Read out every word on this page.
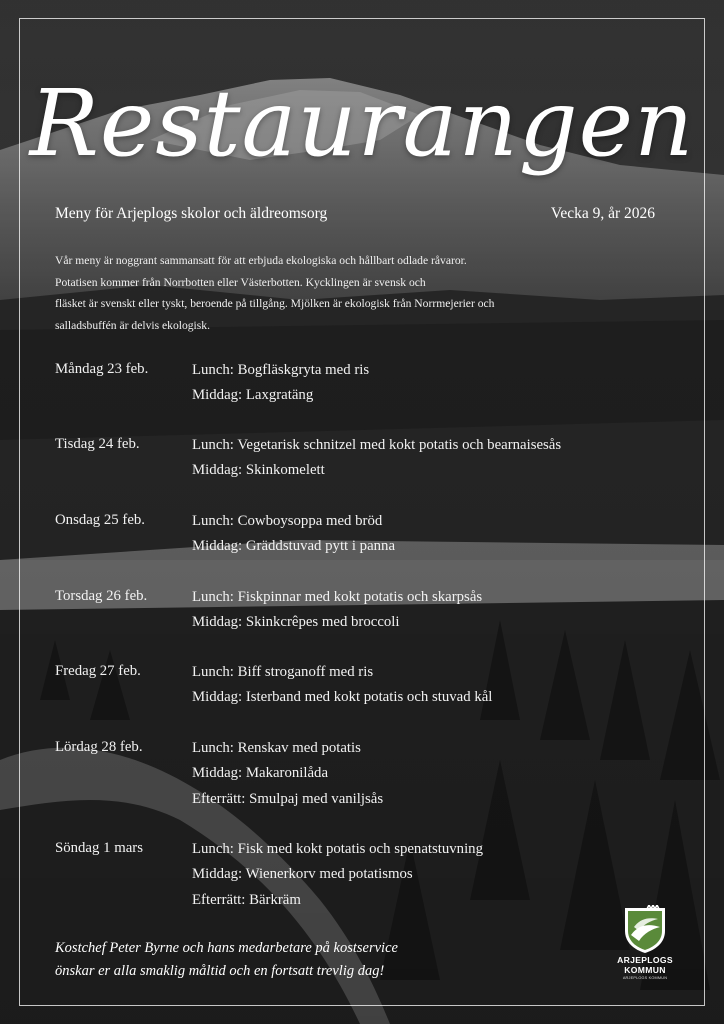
Restaurangen
Meny för Arjeplogs skolor och äldreomsorg	Vecka 9, år 2026
Vår meny är noggrant sammansatt för att erbjuda ekologiska och hållbart odlade råvaror.
Potatisen kommer från Norrbotten eller Västerbotten. Kycklingen är svensk och
fläsket är svenskt eller tyskt, beroende på tillgång. Mjölken är ekologisk från Norrmejerier och
salladsbuffén är delvis ekologisk.
Måndag 23 feb.	Lunch: Bogfläskgryta med ris
Middag: Laxgratäng
Tisdag 24 feb.	Lunch: Vegetarisk schnitzel med kokt potatis och bearnaisesås
Middag: Skinkomelett
Onsdag 25 feb.	Lunch: Cowboysoppa med bröd
Middag: Gräddstuvad pytt i panna
Torsdag 26 feb.	Lunch: Fiskpinnar med kokt potatis och skarpsås
Middag: Skinkcrêpes med broccoli
Fredag 27 feb.	Lunch: Biff stroganoff med ris
Middag: Isterband med kokt potatis och stuvad kål
Lördag 28 feb.	Lunch: Renskav med potatis
Middag: Makaronilåda
Efterrätt: Smulpaj med vaniljsås
Söndag 1 mars	Lunch: Fisk med kokt potatis och spenatstuvning
Middag: Wienerkorv med potatismos
Efterrätt: Bärkräm
Kostchef Peter Byrne och hans medarbetare på kostservice
önskar er alla smaklig måltid och en fortsatt trevlig dag!
ARJEPLOGS
KOMMUN
ARJEPLOGS KOMMUN
